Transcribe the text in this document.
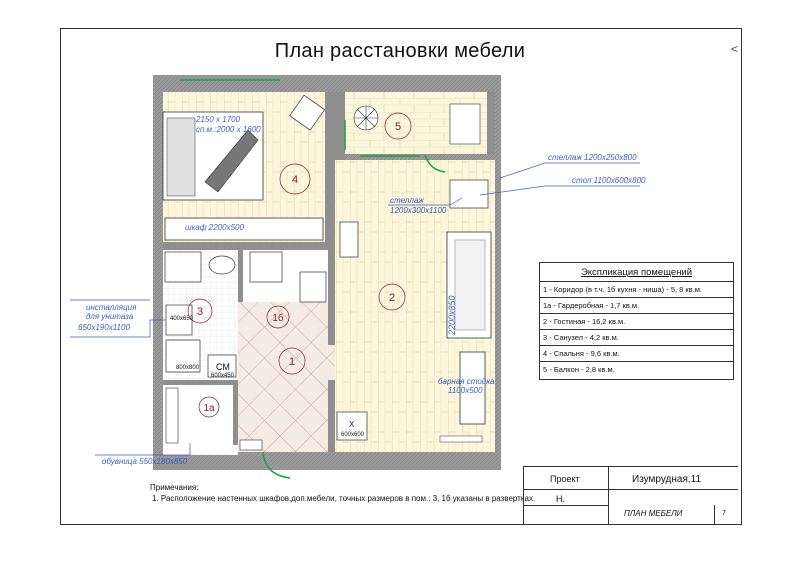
План расстановки мебели	<
1
1а
1б
2
3
4
5
2150 х 1700
сп.м.:2000 х 1600
шкаф 2200х500
стеллаж 1200х250х800
стол 1100х600х800
стеллаж
1200х300х1100
инсталляция
для унитаза
650х190х1100
обувница 550х180х850
барная стойка
1100х500
2200х850
СМ
600х450
800х800
400х650
Х
600х600
Экспликация помещений
1 - Коридор (в т.ч. 1б кухня - ниша) - 5, 8 кв.м.
1а - Гардеробная - 1,7 кв.м.
2 - Гостиная - 16,2 кв.м.
3 - Санузел - 4,2 кв.м.
4 - Спальня - 9,6 кв.м.
5 - Балкон - 2,8 кв.м.
Примечания:
1. Расположение настенных шкафов,доп.мебели, точных размеров в пом.: 3, 1б указаны в развертках.
Проект	Изумрудная,11
Н.
ПЛАН МЕБЕЛИ	7
